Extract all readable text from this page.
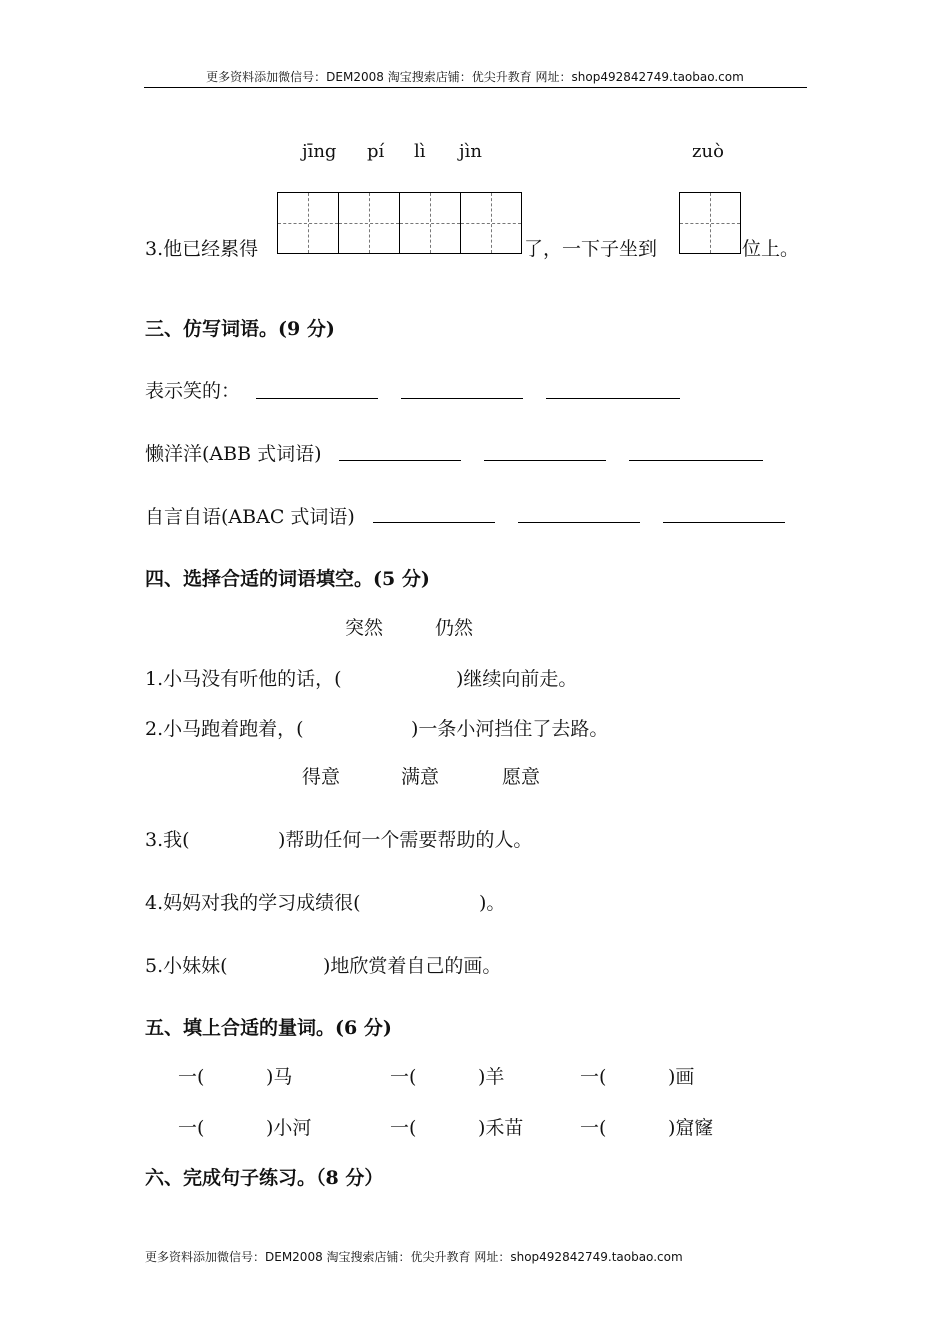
更多资料添加微信号：DEM2008 淘宝搜索店铺：优尖升教育 网址：shop492842749.taobao.com
jīng pí lì jìn	zuò
3.他已经累得	了，一下子坐到	位上。
三、仿写词语。(9 分)
表示笑的：
懒洋洋(ABB 式词语)
自言自语(ABAC 式词语)
四、选择合适的词语填空。(5 分)
突然	仍然
1.小马没有听他的话，(	)继续向前走。
2.小马跑着跑着，(	)一条小河挡住了去路。
得意	满意	愿意
3.我(	)帮助任何一个需要帮助的人。
4.妈妈对我的学习成绩很(	)。
5.小妹妹(	)地欣赏着自己的画。
五、填上合适的量词。(6 分)
一(	)马	一(	)羊	一(	)画
一(	)小河	一(	)禾苗	一(	)窟窿
六、完成句子练习。（8 分）
更多资料添加微信号：DEM2008 淘宝搜索店铺：优尖升教育 网址：shop492842749.taobao.com
